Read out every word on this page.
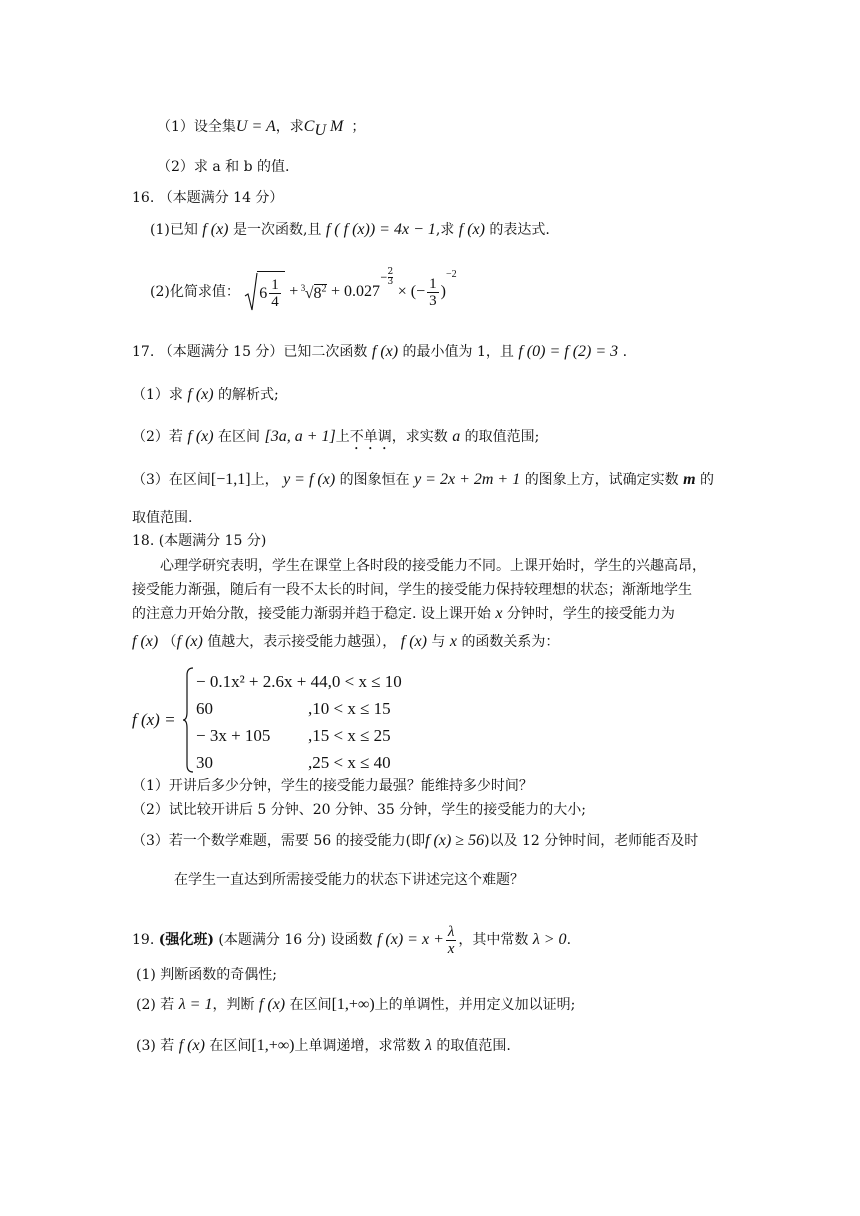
（1）设全集U = A，求$C_U$ M ；
（2）求 a 和 b 的值.
16. （本题满分 14 分）
(1)已知 f (x) 是一次函数,且 f ( f (x)) = 4x − 1,求 f (x) 的表达式.
(2)化简求值： $6 \frac{1}{4} + 3$ $√8^2 + 0.027- \frac{2}{3}$
× (− $\frac{1}{3} )^{-2}$
17. （本题满分 15 分）已知二次函数 f (x) 的最小值为 1，且 f (0) = f (2) = 3 .
（1）求 f (x) 的解析式;
（2）若 f (x) 在区间 [3a, a + 1]上不单调，求实数 a 的取值范围;
（3）在区间[−1,1]上， y = f (x) 的图象恒在 y = 2x + 2m + 1 的图象上方，试确定实数 m 的
取值范围.
18. (本题满分 15 分)
心理学研究表明，学生在课堂上各时段的接受能力不同。上课开始时，学生的兴趣高昂，
接受能力渐强，随后有一段不太长的时间，学生的接受能力保持较理想的状态；渐渐地学生
的注意力开始分散，接受能力渐弱并趋于稳定. 设上课开始 x 分钟时，学生的接受能力为
f (x) （f (x) 值越大，表示接受能力越强）， f (x) 与 x 的函数关系为：
f (x) =
− 0.1x² + 2.6x + 44,0 < x ≤ 10
60	,10 < x ≤ 15
− 3x + 105 ,15 < x ≤ 25
30	,25 < x ≤ 40
（1）开讲后多少分钟，学生的接受能力最强？能维持多少时间？
（2）试比较开讲后 5 分钟、20 分钟、35 分钟，学生的接受能力的大小;
（3）若一个数学难题，需要 56 的接受能力(即f (x) ≥ 56)以及 12 分钟时间，老师能否及时
在学生一直达到所需接受能力的状态下讲述完这个难题？
19. (强化班) (本题满分 16 分) 设函数 f $(x) = x + \frac{\lambda}{x}$ ，其中常数 λ > 0.
(1) 判断函数的奇偶性;
(2) 若 λ = 1，判断 f (x) 在区间[1,+∞)上的单调性，并用定义加以证明;
(3) 若 f (x) 在区间[1,+∞)上单调递增，求常数 λ 的取值范围.
